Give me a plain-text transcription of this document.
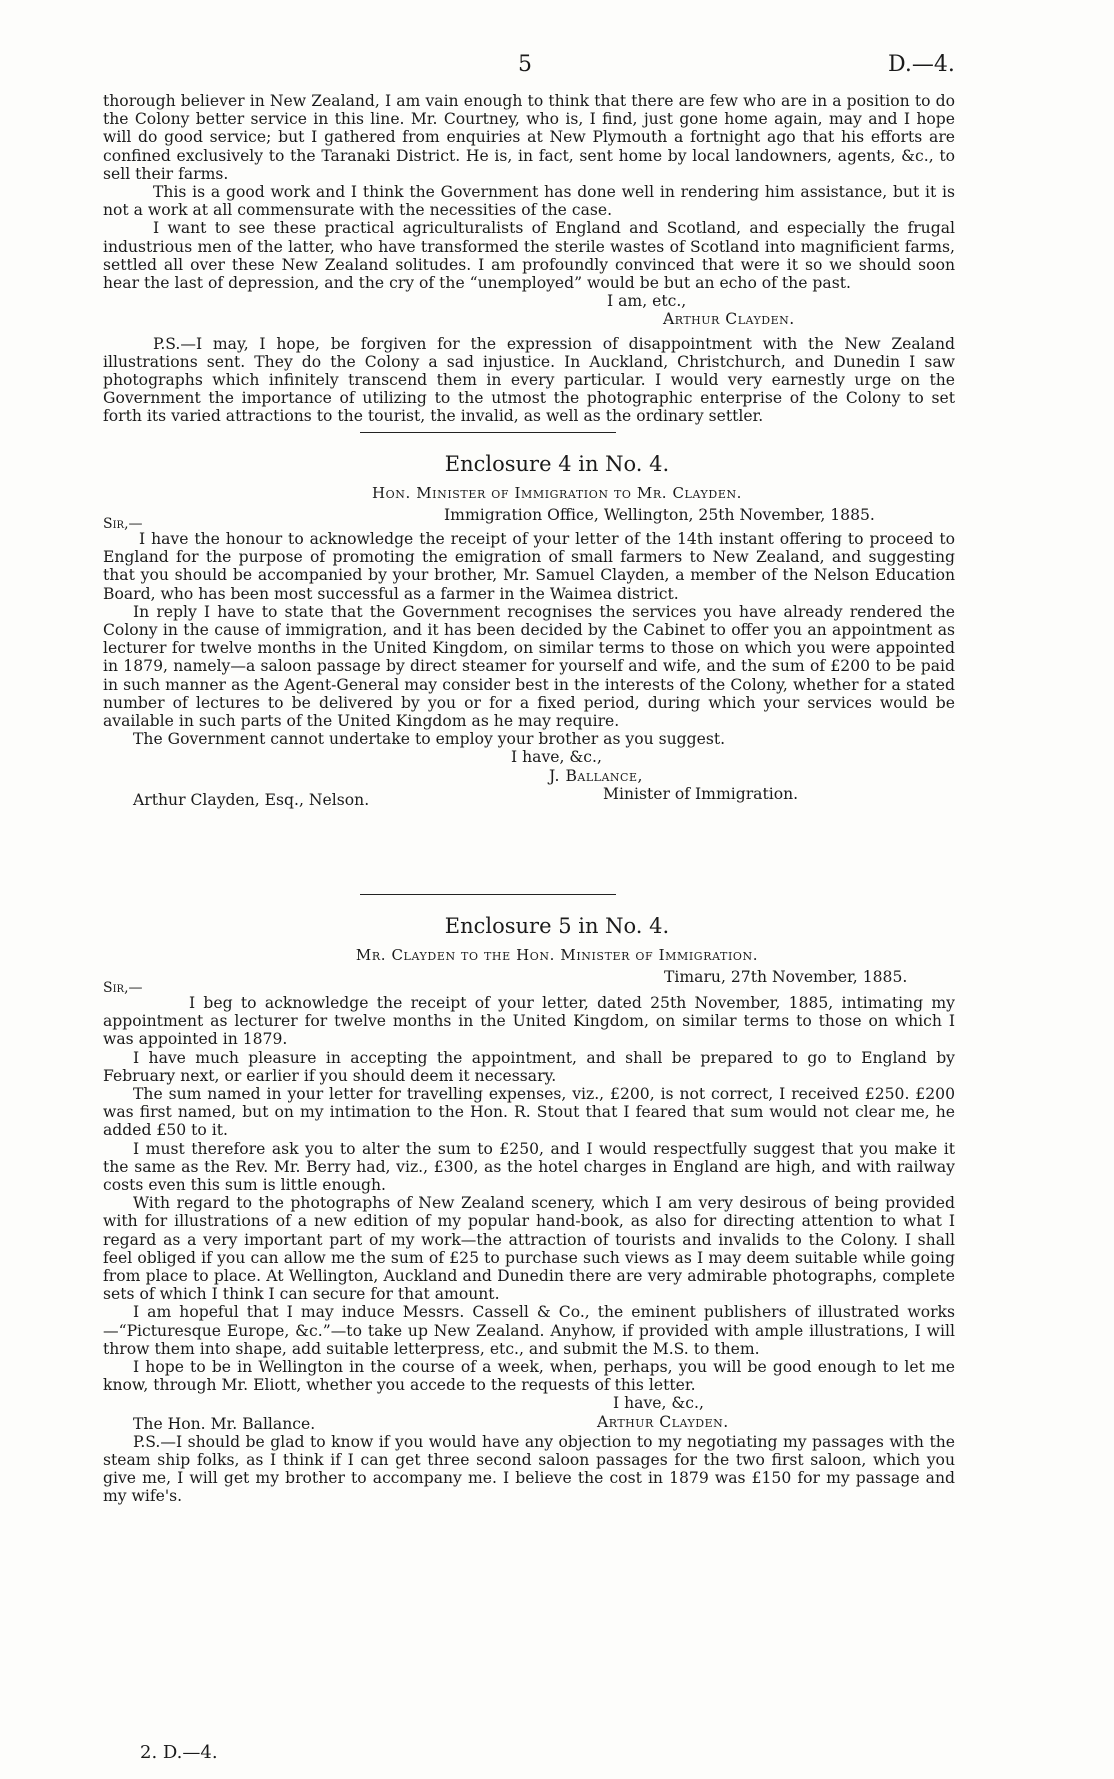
5	D.—4.

thorough believer in New Zealand, I am vain enough to think that there are few who are in a position to do the Colony better service in this line. Mr. Courtney, who is, I find, just gone home again, may and I hope will do good service; but I gathered from enquiries at New Plymouth a fortnight ago that his efforts are confined exclusively to the Taranaki District. He is, in fact, sent home by local landowners, agents, &c., to sell their farms.

This is a good work and I think the Government has done well in rendering him assistance, but it is not a work at all commensurate with the necessities of the case.

I want to see these practical agriculturalists of England and Scotland, and especially the frugal industrious men of the latter, who have transformed the sterile wastes of Scotland into magnificient farms, settled all over these New Zealand solitudes. I am profoundly convinced that were it so we should soon hear the last of depression, and the cry of the “unemployed” would be but an echo of the past.

I am, etc.,

Arthur Clayden.

P.S.—I may, I hope, be forgiven for the expression of disappointment with the New Zealand illustrations sent. They do the Colony a sad injustice. In Auckland, Christchurch, and Dunedin I saw photographs which infinitely transcend them in every particular. I would very earnestly urge on the Government the importance of utilizing to the utmost the photographic enterprise of the Colony to set forth its varied attractions to the tourist, the invalid, as well as the ordinary settler.

Enclosure 4 in No. 4.
Hon. Minister of Immigration to Mr. Clayden.
Immigration Office, Wellington, 25th November, 1885.
Sir,—

I have the honour to acknowledge the receipt of your letter of the 14th instant offering to proceed to England for the purpose of promoting the emigration of small farmers to New Zealand, and suggesting that you should be accompanied by your brother, Mr. Samuel Clayden, a member of the Nelson Education Board, who has been most successful as a farmer in the Waimea district.

In reply I have to state that the Government recognises the services you have already rendered the Colony in the cause of immigration, and it has been decided by the Cabinet to offer you an appointment as lecturer for twelve months in the United Kingdom, on similar terms to those on which you were appointed in 1879, namely—a saloon passage by direct steamer for yourself and wife, and the sum of £200 to be paid in such manner as the Agent-General may consider best in the interests of the Colony, whether for a stated number of lectures to be delivered by you or for a fixed period, during which your services would be available in such parts of the United Kingdom as he may require.

The Government cannot undertake to employ your brother as you suggest.

I have, &c.,

J. Ballance,

Arthur Clayden, Esq., Nelson.	Minister of Immigration.
Enclosure 5 in No. 4.
Mr. Clayden to the Hon. Minister of Immigration.
Timaru, 27th November, 1885.
Sir,—

I beg to acknowledge the receipt of your letter, dated 25th November, 1885, intimating my appointment as lecturer for twelve months in the United Kingdom, on similar terms to those on which I was appointed in 1879.

I have much pleasure in accepting the appointment, and shall be prepared to go to England by February next, or earlier if you should deem it necessary.

The sum named in your letter for travelling expenses, viz., £200, is not correct, I received £250. £200 was first named, but on my intimation to the Hon. R. Stout that I feared that sum would not clear me, he added £50 to it.

I must therefore ask you to alter the sum to £250, and I would respectfully suggest that you make it the same as the Rev. Mr. Berry had, viz., £300, as the hotel charges in England are high, and with railway costs even this sum is little enough.

With regard to the photographs of New Zealand scenery, which I am very desirous of being provided with for illustrations of a new edition of my popular hand-book, as also for directing attention to what I regard as a very important part of my work—the attraction of tourists and invalids to the Colony. I shall feel obliged if you can allow me the sum of £25 to purchase such views as I may deem suitable while going from place to place. At Wellington, Auckland and Dunedin there are very admirable photographs, complete sets of which I think I can secure for that amount.

I am hopeful that I may induce Messrs. Cassell & Co., the eminent publishers of illustrated works—“Picturesque Europe, &c.”—to take up New Zealand. Anyhow, if provided with ample illustrations, I will throw them into shape, add suitable letterpress, etc., and submit the M.S. to them.

I hope to be in Wellington in the course of a week, when, perhaps, you will be good enough to let me know, through Mr. Eliott, whether you accede to the requests of this letter.

I have, &c.,

The Hon. Mr. Ballance.	Arthur Clayden.

P.S.—I should be glad to know if you would have any objection to my negotiating my passages with the steam ship folks, as I think if I can get three second saloon passages for the two first saloon, which you give me, I will get my brother to accompany me. I believe the cost in 1879 was £150 for my passage and my wife's.

2. D.—4.
